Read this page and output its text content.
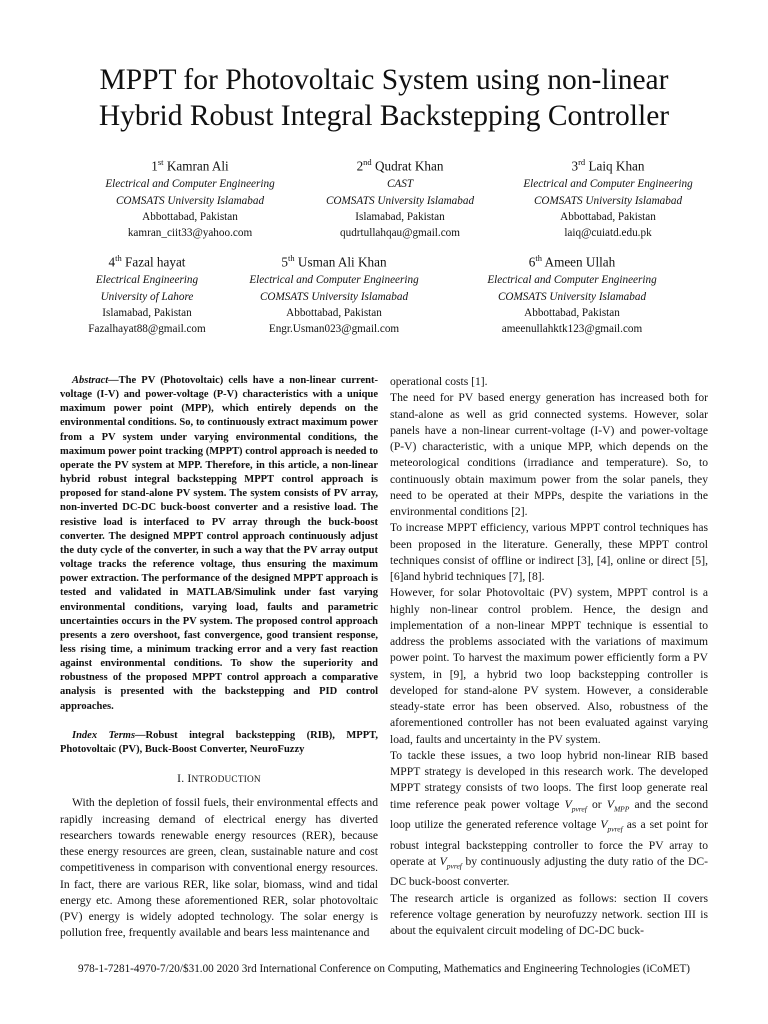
MPPT for Photovoltaic System using non-linear
Hybrid Robust Integral Backstepping Controller
1st Kamran Ali
Electrical and Computer Engineering
COMSATS University Islamabad
Abbottabad, Pakistan
kamran_ciit33@yahoo.com
2nd Qudrat Khan
CAST
COMSATS University Islamabad
Islamabad, Pakistan
qudrtullahqau@gmail.com
3rd Laiq Khan
Electrical and Computer Engineering
COMSATS University Islamabad
Abbottabad, Pakistan
laiq@cuiatd.edu.pk
4th Fazal hayat
Electrical Engineering
University of Lahore
Islamabad, Pakistan
Fazalhayat88@gmail.com
5th Usman Ali Khan
Electrical and Computer Engineering
COMSATS University Islamabad
Abbottabad, Pakistan
Engr.Usman023@gmail.com
6th Ameen Ullah
Electrical and Computer Engineering
COMSATS University Islamabad
Abbottabad, Pakistan
ameenullahktk123@gmail.com

Abstract—The PV (Photovoltaic) cells have a non-linear current-voltage (I-V) and power-voltage (P-V) characteristics with a unique maximum power point (MPP), which entirely depends on the environmental conditions. So, to continuously extract maximum power from a PV system under varying environmental conditions, the maximum power point tracking (MPPT) control approach is needed to operate the PV system at MPP. Therefore, in this article, a non-linear hybrid robust integral backstepping MPPT control approach is proposed for stand-alone PV system. The system consists of PV array, non-inverted DC-DC buck-boost converter and a resistive load. The resistive load is interfaced to PV array through the buck-boost converter. The designed MPPT control approach continuously adjust the duty cycle of the converter, in such a way that the PV array output voltage tracks the reference voltage, thus ensuring the maximum power extraction. The performance of the designed MPPT approach is tested and validated in MATLAB/Simulink under fast varying environmental conditions, varying load, faults and parametric uncertainties occurs in the PV system. The proposed control approach presents a zero overshoot, fast convergence, good transient response, less rising time, a minimum tracking error and a very fast reaction against environmental conditions. To show the superiority and robustness of the proposed MPPT control approach a comparative analysis is presented with the backstepping and PID control approaches.

Index Terms—Robust integral backstepping (RIB), MPPT, Photovoltaic (PV), Buck-Boost Converter, NeuroFuzzy

I. INTRODUCTION

With the depletion of fossil fuels, their environmental effects and rapidly increasing demand of electrical energy has diverted researchers towards renewable energy resources (RER), because these energy resources are green, clean, sustainable nature and cost competitiveness in comparison with conventional energy resources. In fact, there are various RER, like solar, biomass, wind and tidal energy etc. Among these aforementioned RER, solar photovoltaic (PV) energy is widely adopted technology. The solar energy is pollution free, frequently available and bears less maintenance and

operational costs [1].

The need for PV based energy generation has increased both for stand-alone as well as grid connected systems. However, solar panels have a non-linear current-voltage (I-V) and power-voltage (P-V) characteristic, with a unique MPP, which depends on the meteorological conditions (irradiance and temperature). So, to continuously obtain maximum power from the solar panels, they need to be operated at their MPPs, despite the variations in the environmental conditions [2].

To increase MPPT efficiency, various MPPT control techniques has been proposed in the literature. Generally, these MPPT control techniques consist of offline or indirect [3], [4], online or direct [5], [6]and hybrid techniques [7], [8].

However, for solar Photovoltaic (PV) system, MPPT control is a highly non-linear control problem. Hence, the design and implementation of a non-linear MPPT technique is essential to address the problems associated with the variations of maximum power point. To harvest the maximum power efficiently form a PV system, in [9], a hybrid two loop backstepping controller is developed for stand-alone PV system. However, a considerable steady-state error has been observed. Also, robustness of the aforementioned controller has not been evaluated against varying load, faults and uncertainty in the PV system.

To tackle these issues, a two loop hybrid non-linear RIB based MPPT strategy is developed in this research work. The developed MPPT strategy consists of two loops. The first loop generate real time reference peak power voltage $V_{pvref}$ or $V_{MPP}$ and the second loop utilize the generated reference voltage $V_{pvref}$ as a set point for robust integral backstepping controller to force the PV array to operate at $V_{pvref}$ by continuously adjusting the duty ratio of the DC-DC buck-boost converter.

The research article is organized as follows: section II covers reference voltage generation by neurofuzzy network. section III is about the equivalent circuit modeling of DC-DC buck-

978-1-7281-4970-7/20/$31.00 2020 3rd International Conference on Computing, Mathematics and Engineering Technologies (iCoMET)
